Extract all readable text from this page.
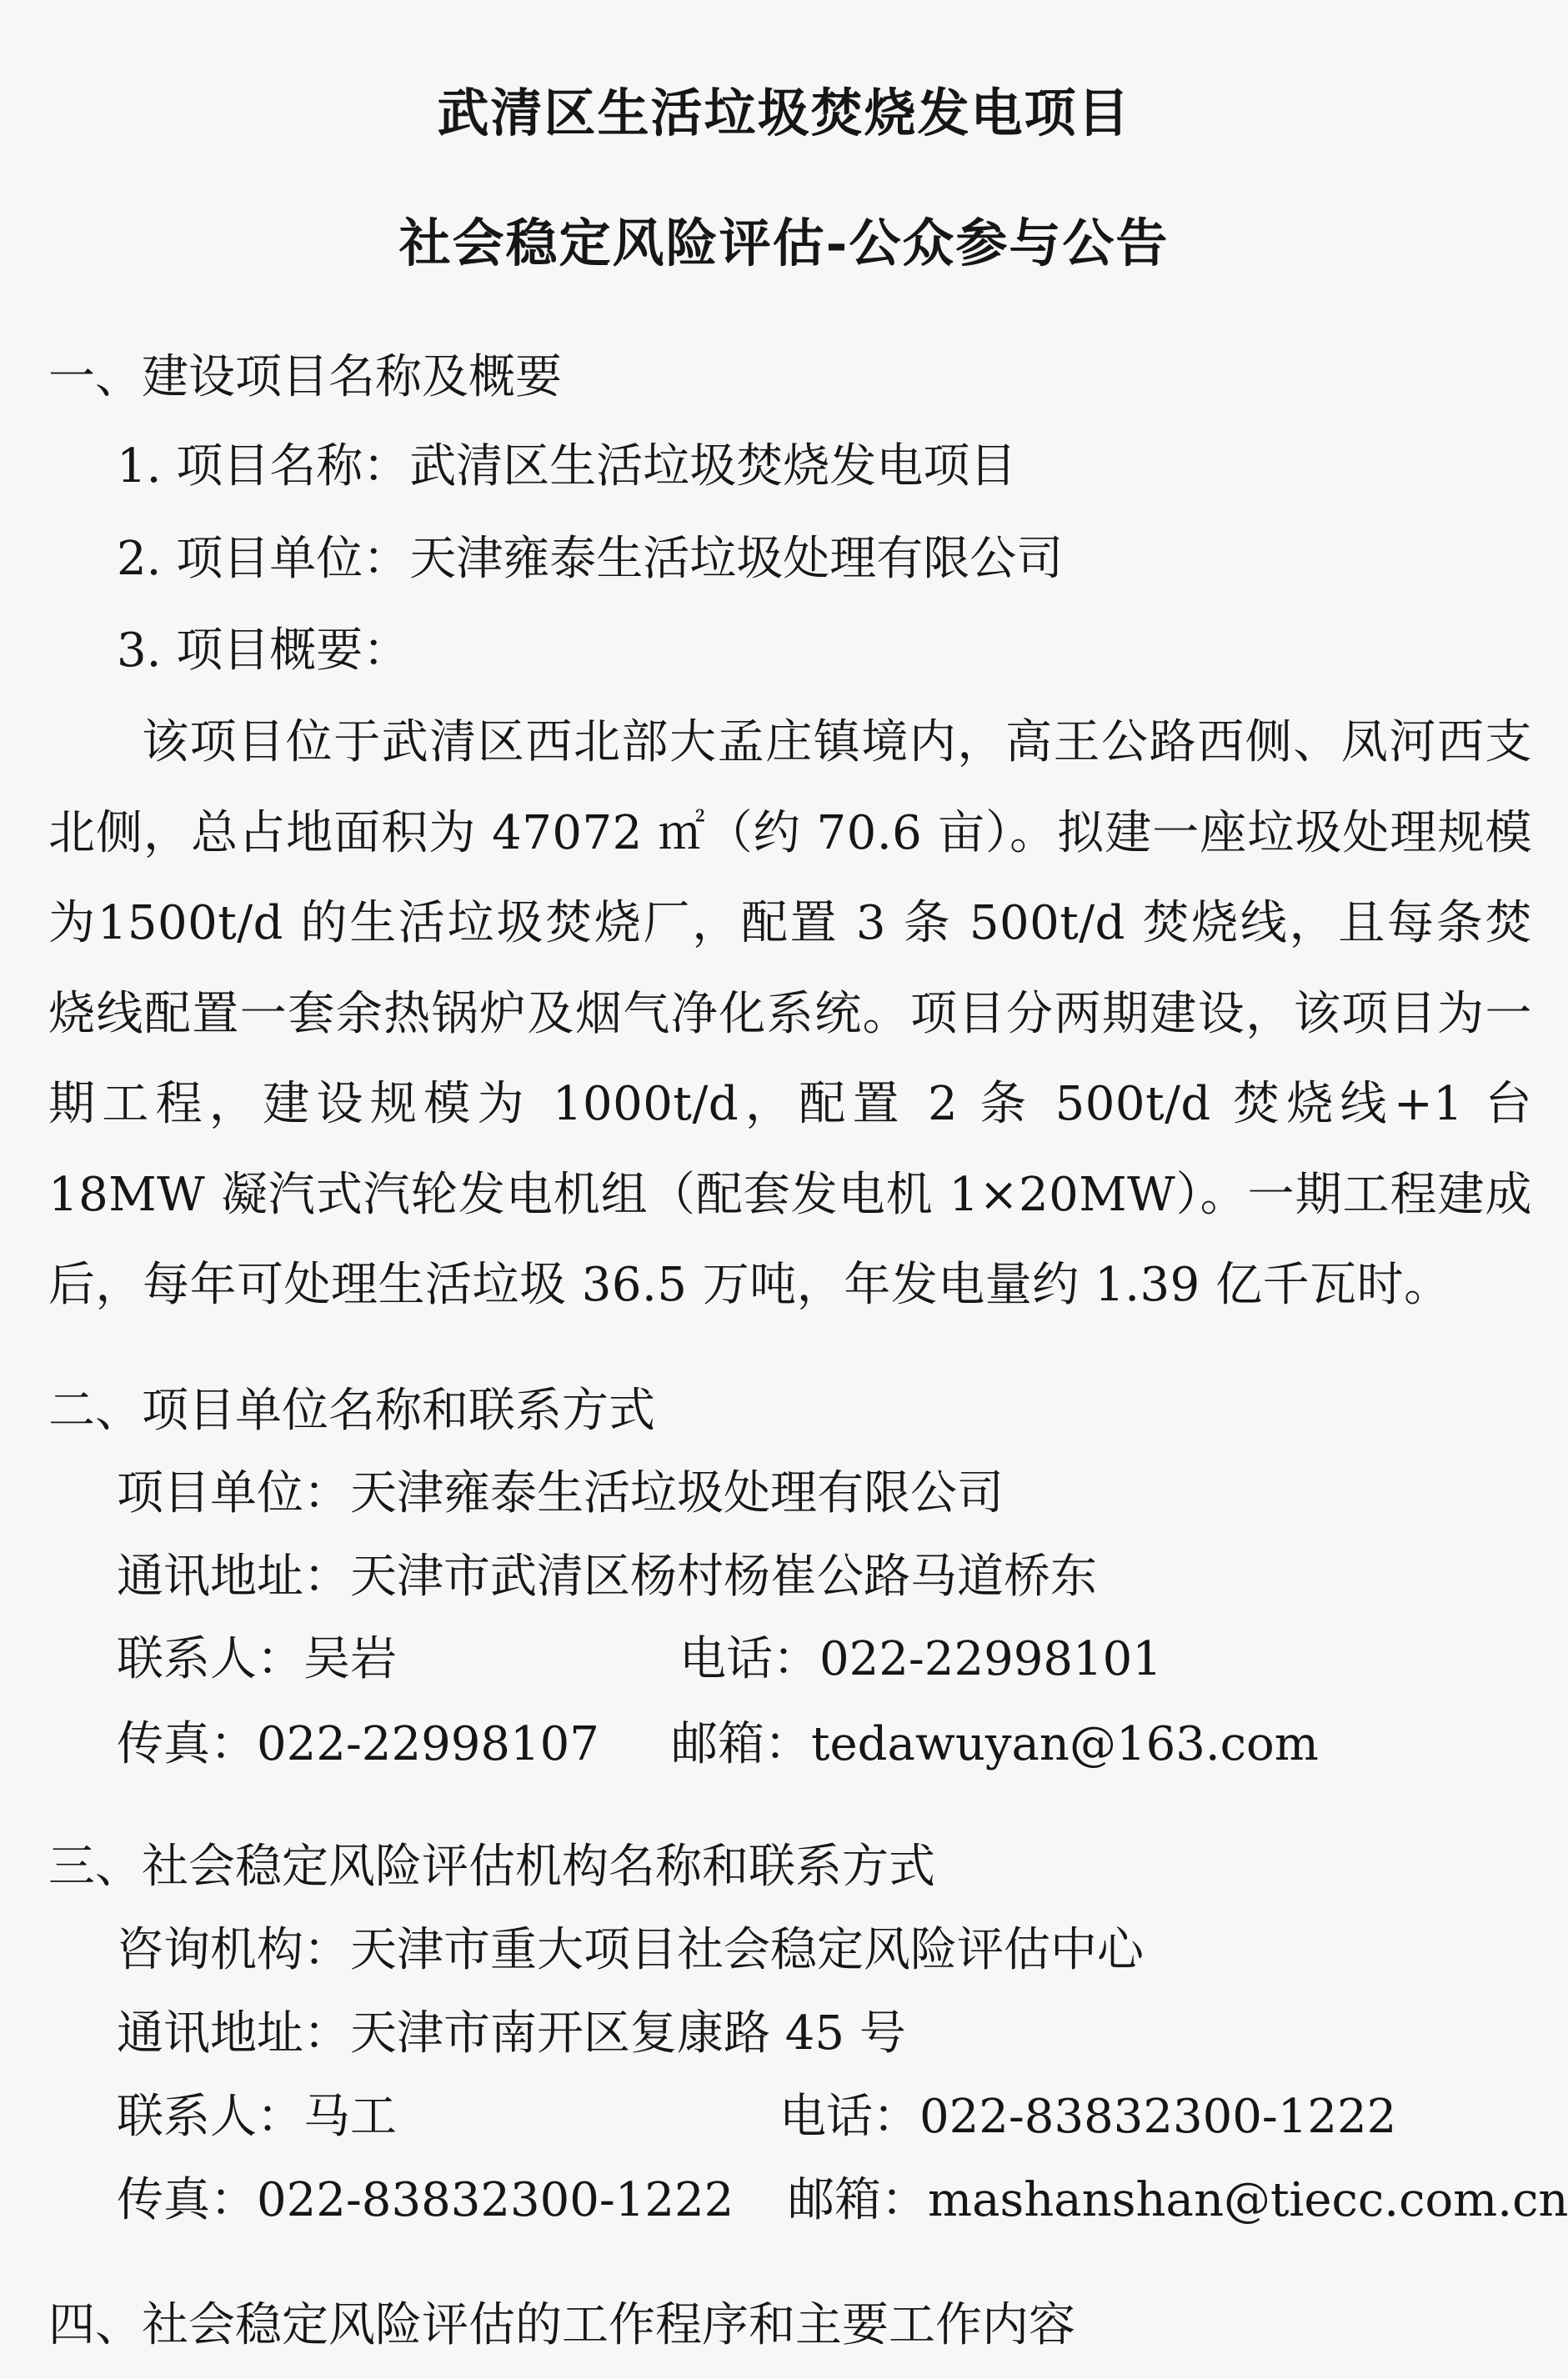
武清区生活垃圾焚烧发电项目
社会稳定风险评估-公众参与公告
一、建设项目名称及概要
1. 项目名称：武清区生活垃圾焚烧发电项目
2. 项目单位：天津雍泰生活垃圾处理有限公司
3. 项目概要：
该项目位于武清区西北部大孟庄镇境内，高王公路西侧、凤河西支北侧，总占地面积为 47072 ㎡（约 70.6 亩）。拟建一座垃圾处理规模为1500t/d 的生活垃圾焚烧厂，配置 3 条 500t/d 焚烧线，且每条焚烧线配置一套余热锅炉及烟气净化系统。项目分两期建设，该项目为一期工程，建设规模为 1000t/d，配置 2 条 500t/d 焚烧线+1 台 18MW 凝汽式汽轮发电机组（配套发电机 1×20MW）。一期工程建成后，每年可处理生活垃圾 36.5 万吨，年发电量约 1.39 亿千瓦时。
二、项目单位名称和联系方式
项目单位：天津雍泰生活垃圾处理有限公司
通讯地址：天津市武清区杨村杨崔公路马道桥东
联系人：吴岩	电话：022-22998101
传真：022-22998107 邮箱：tedawuyan@163.com
三、社会稳定风险评估机构名称和联系方式
咨询机构：天津市重大项目社会稳定风险评估中心
通讯地址：天津市南开区复康路 45 号
联系人：马工	电话：022-83832300-1222
传真：022-83832300-1222 邮箱：mashanshan@tiecc.com.cn
四、社会稳定风险评估的工作程序和主要工作内容
